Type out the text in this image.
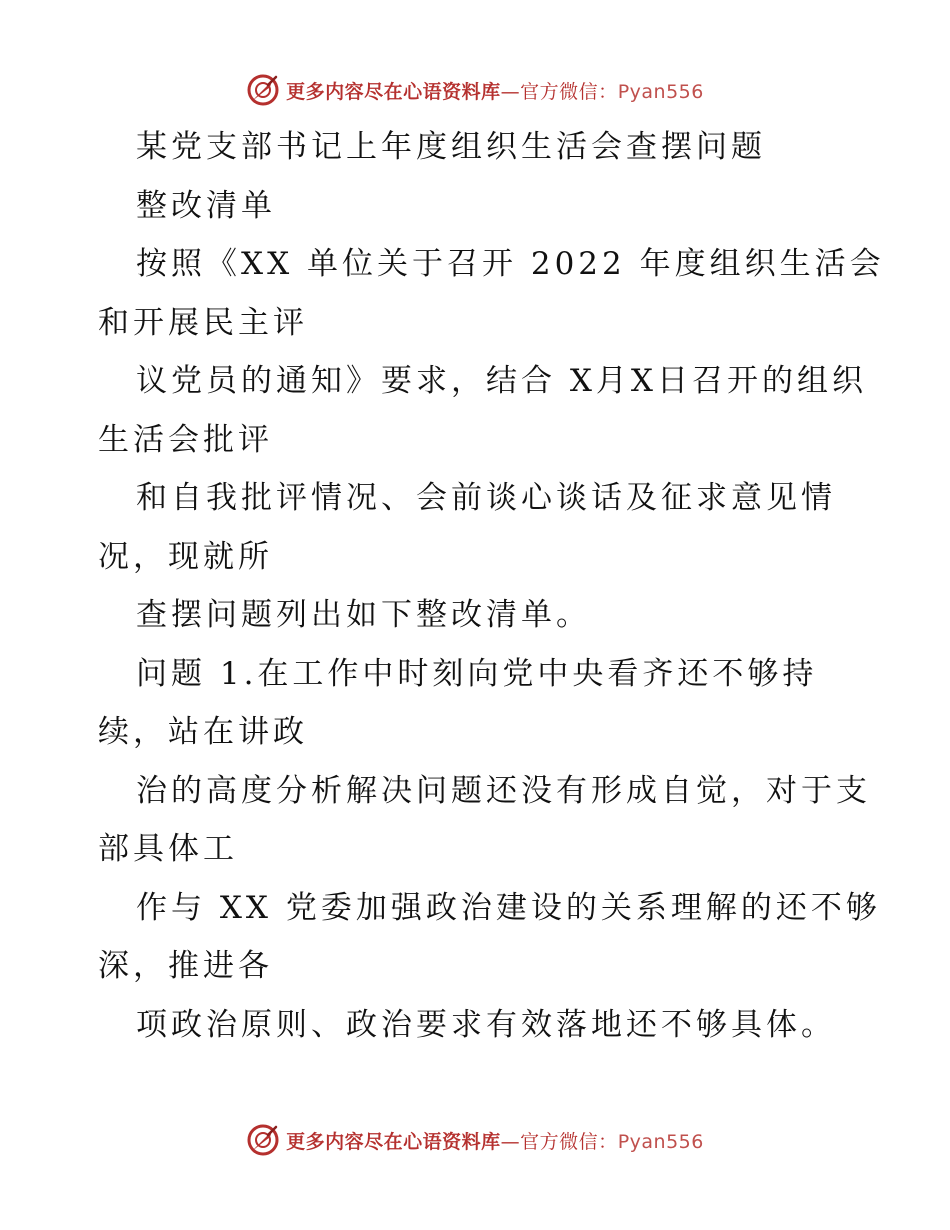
更多内容尽在心语资料库—官方微信：Pyan556
某党支部书记上年度组织生活会查摆问题
整改清单
按照《XX 单位关于召开 2022 年度组织生活会
和开展民主评
议党员的通知》要求，结合 X月X日召开的组织
生活会批评
和自我批评情况、会前谈心谈话及征求意见情
况，现就所
查摆问题列出如下整改清单。
问题 1.在工作中时刻向党中央看齐还不够持
续，站在讲政
治的高度分析解决问题还没有形成自觉，对于支
部具体工
作与 XX 党委加强政治建设的关系理解的还不够
深，推进各
项政治原则、政治要求有效落地还不够具体。
更多内容尽在心语资料库—官方微信：Pyan556
